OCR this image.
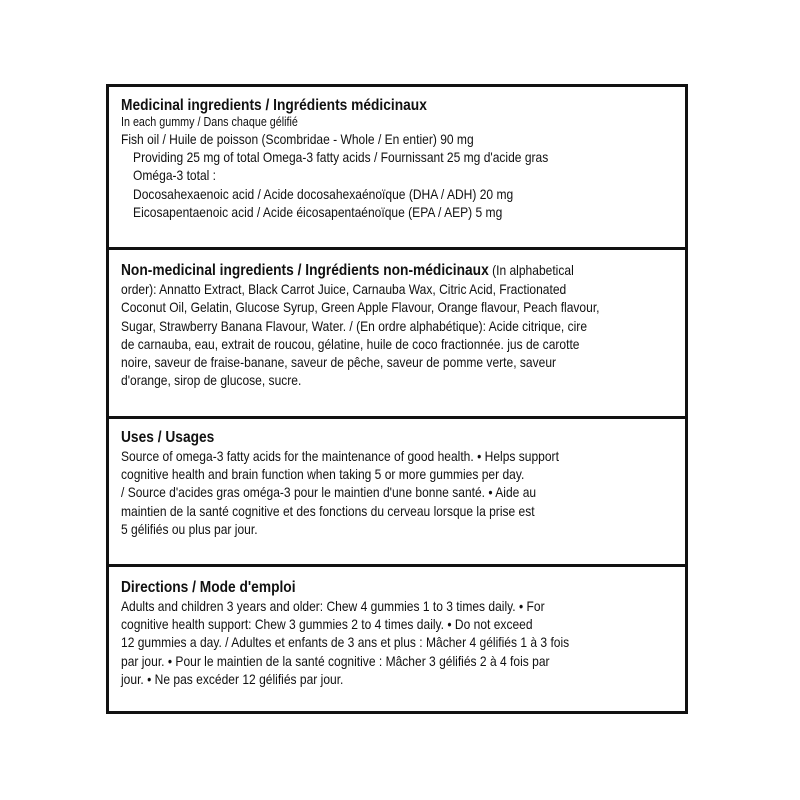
Medicinal ingredients / Ingrédients médicinaux
In each gummy / Dans chaque gélifié
Fish oil / Huile de poisson (Scombridae - Whole / En entier) 90 mg
Providing 25 mg of total Omega-3 fatty acids / Fournissant 25 mg d'acide gras
Oméga-3 total :
Docosahexaenoic acid / Acide docosahexaénoïque (DHA / ADH) 20 mg
Eicosapentaenoic acid / Acide éicosapentaénoïque (EPA / AEP) 5 mg
Non-medicinal ingredients / Ingrédients non-médicinaux (In alphabetical
order): Annatto Extract, Black Carrot Juice, Carnauba Wax, Citric Acid, Fractionated
Coconut Oil, Gelatin, Glucose Syrup, Green Apple Flavour, Orange flavour, Peach flavour,
Sugar, Strawberry Banana Flavour, Water. / (En ordre alphabétique): Acide citrique, cire
de carnauba, eau, extrait de roucou, gélatine, huile de coco fractionnée. jus de carotte
noire, saveur de fraise-banane, saveur de pêche, saveur de pomme verte, saveur
d'orange, sirop de glucose, sucre.
Uses / Usages
Source of omega-3 fatty acids for the maintenance of good health. • Helps support
cognitive health and brain function when taking 5 or more gummies per day.
/ Source d'acides gras oméga-3 pour le maintien d'une bonne santé. • Aide au
maintien de la santé cognitive et des fonctions du cerveau lorsque la prise est
5 gélifiés ou plus par jour.
Directions / Mode d'emploi
Adults and children 3 years and older: Chew 4 gummies 1 to 3 times daily. • For
cognitive health support: Chew 3 gummies 2 to 4 times daily. • Do not exceed
12 gummies a day. / Adultes et enfants de 3 ans et plus : Mâcher 4 gélifiés 1 à 3 fois
par jour. • Pour le maintien de la santé cognitive : Mâcher 3 gélifiés 2 à 4 fois par
jour. • Ne pas excéder 12 gélifiés par jour.
